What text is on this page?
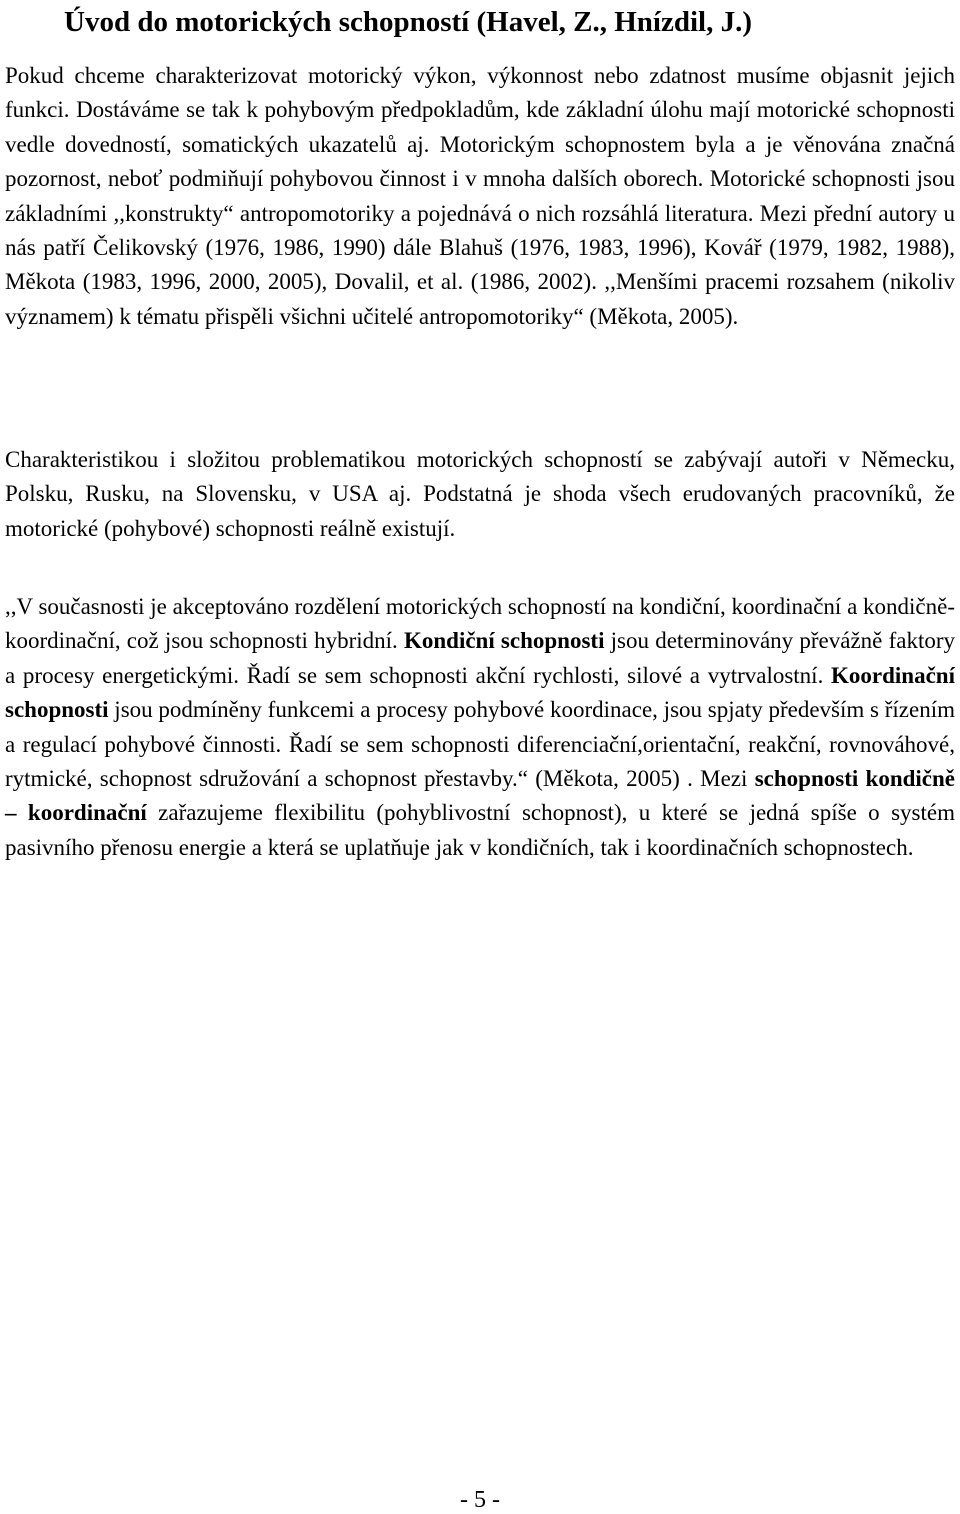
Úvod do motorických schopností (Havel, Z., Hnízdil, J.)

Pokud chceme charakterizovat motorický výkon, výkonnost nebo zdatnost musíme objasnit jejich funkci. Dostáváme se tak k pohybovým předpokladům, kde základní úlohu mají motorické schopnosti vedle dovedností, somatických ukazatelů aj. Motorickým schopnostem byla a je věnována značná pozornost, neboť podmiňují pohybovou činnost i v mnoha dalších oborech. Motorické schopnosti jsou základními ,,konstrukty“ antropomotoriky a pojednává o nich rozsáhlá literatura. Mezi přední autory u nás patří Čelikovský (1976, 1986, 1990) dále Blahuš (1976, 1983, 1996), Kovář (1979, 1982, 1988), Měkota (1983, 1996, 2000, 2005), Dovalil, et al. (1986, 2002). ,,Menšími pracemi rozsahem (nikoliv významem) k tématu přispěli všichni učitelé antropomotoriky“ (Měkota, 2005).

Charakteristikou i složitou problematikou motorických schopností se zabývají autoři v Německu, Polsku, Rusku, na Slovensku, v USA aj. Podstatná je shoda všech erudovaných pracovníků, že motorické (pohybové) schopnosti reálně existují.

,,V současnosti je akceptováno rozdělení motorických schopností na kondiční, koordinační a kondičně-koordinační, což jsou schopnosti hybridní. Kondiční schopnosti jsou determinovány převážně faktory a procesy energetickými. Řadí se sem schopnosti akční rychlosti, silové a vytrvalostní. Koordinační schopnosti jsou podmíněny funkcemi a procesy pohybové koordinace, jsou spjaty především s řízením a regulací pohybové činnosti. Řadí se sem schopnosti diferenciační,orientační, reakční, rovnováhové, rytmické, schopnost sdružování a schopnost přestavby.“ (Měkota, 2005) . Mezi schopnosti kondičně – koordinační zařazujeme flexibilitu (pohyblivostní schopnost), u které se jedná spíše o systém pasivního přenosu energie a která se uplatňuje jak v kondičních, tak i koordinačních schopnostech.

- 5 -
